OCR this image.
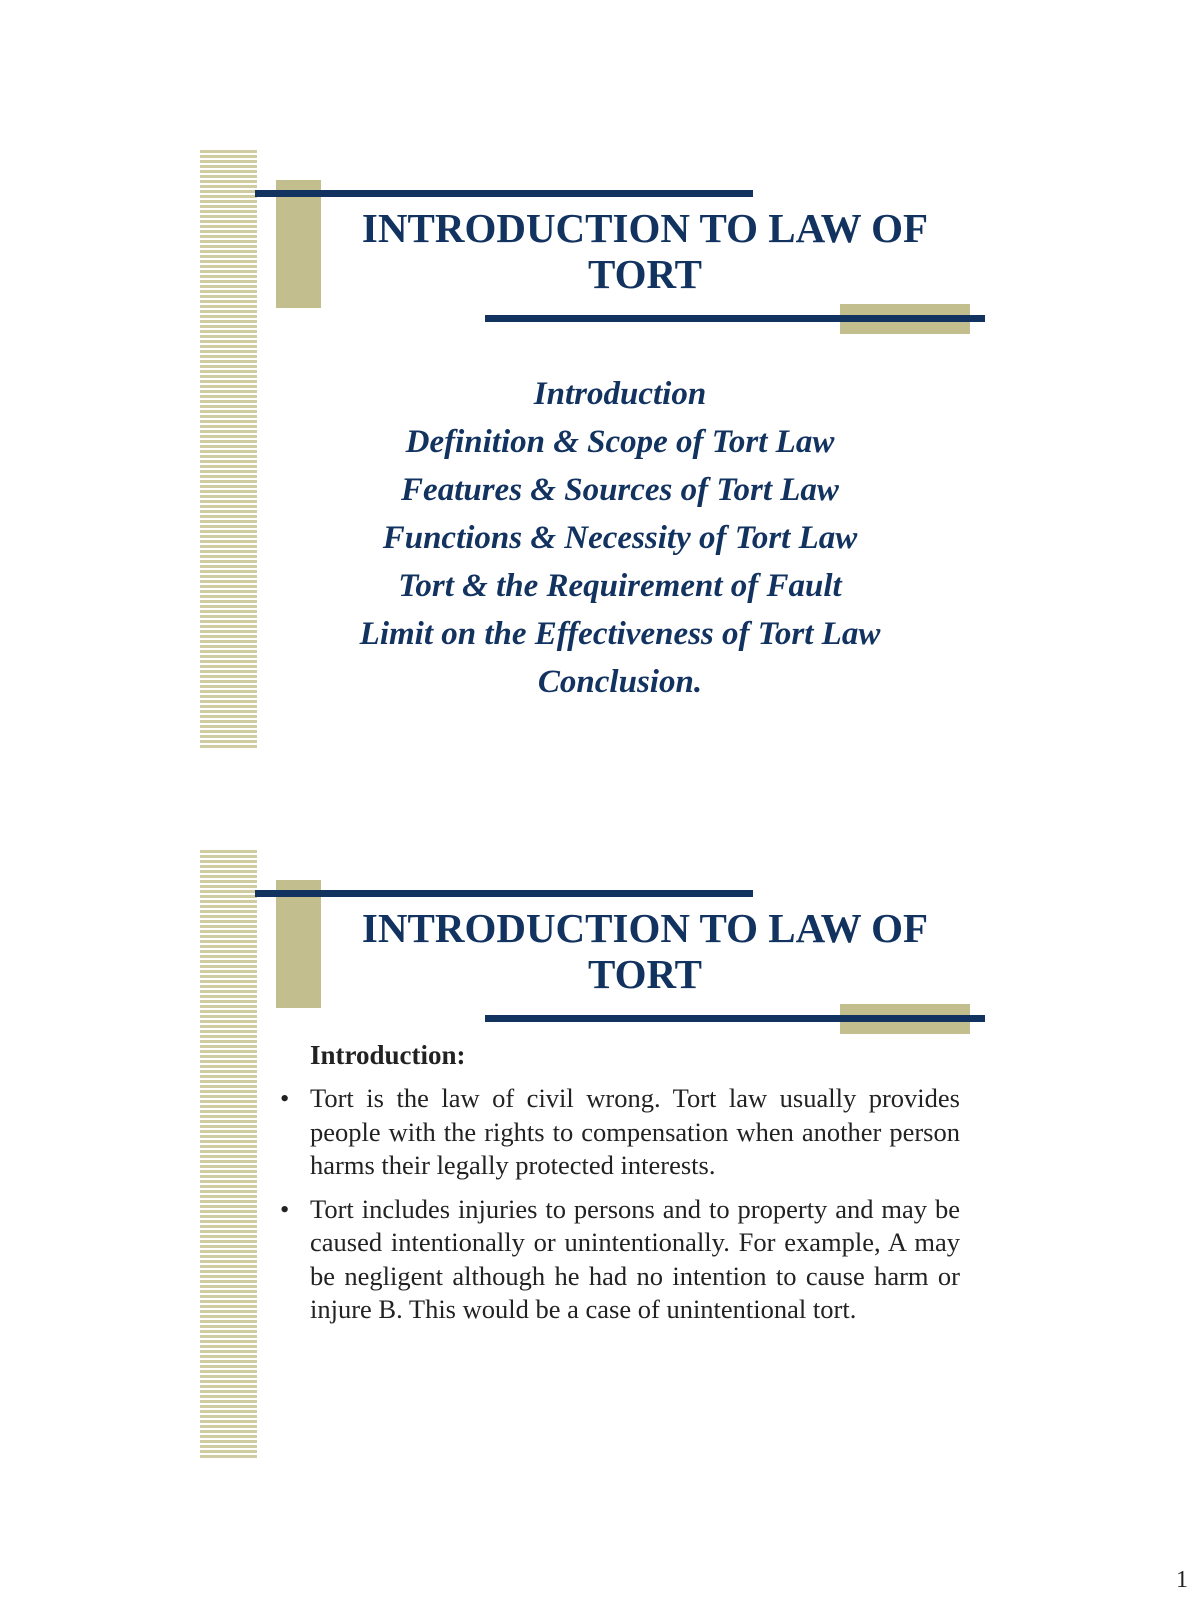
INTRODUCTION TO LAW OF
TORT
Introduction
Definition & Scope of Tort Law
Features & Sources of Tort Law
Functions & Necessity of Tort Law
Tort & the Requirement of Fault
Limit on the Effectiveness of Tort Law
Conclusion.
INTRODUCTION TO LAW OF
TORT
Introduction:
• Tort is the law of civil wrong. Tort law usually provides people with the rights to compensation when another person harms their legally protected interests.
• Tort includes injuries to persons and to property and may be caused intentionally or unintentionally. For example, A may be negligent although he had no intention to cause harm or injure B. This would be a case of unintentional tort.
1
